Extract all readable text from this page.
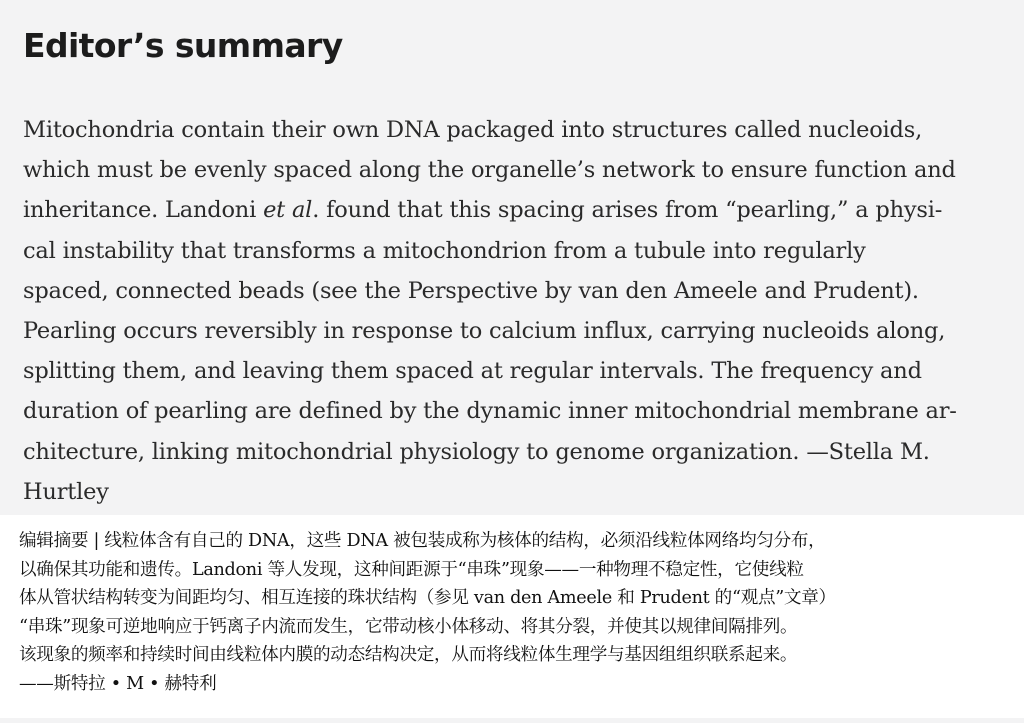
Editor’s summary
Mitochondria contain their own DNA packaged into structures called nucleoids,
which must be evenly spaced along the organelle’s network to ensure function and
inheritance. Landoni et al. found that this spacing arises from “pearling,” a physi-
cal instability that transforms a mitochondrion from a tubule into regularly
spaced, connected beads (see the Perspective by van den Ameele and Prudent).
Pearling occurs reversibly in response to calcium influx, carrying nucleoids along,
splitting them, and leaving them spaced at regular intervals. The frequency and
duration of pearling are defined by the dynamic inner mitochondrial membrane ar-
chitecture, linking mitochondrial physiology to genome organization. —Stella M.
Hurtley
编辑摘要 | 线粒体含有自己的 DNA，这些 DNA 被包装成称为核体的结构，必须沿线粒体网络均匀分布，
以确保其功能和遗传。Landoni 等人发现，这种间距源于“串珠”现象——一种物理不稳定性，它使线粒
体从管状结构转变为间距均匀、相互连接的珠状结构（参见 van den Ameele 和 Prudent 的“观点”文章）
“串珠”现象可逆地响应于钙离子内流而发生，它带动核小体移动、将其分裂，并使其以规律间隔排列。
该现象的频率和持续时间由线粒体内膜的动态结构决定，从而将线粒体生理学与基因组组织联系起来。
——斯特拉 • M • 赫特利
